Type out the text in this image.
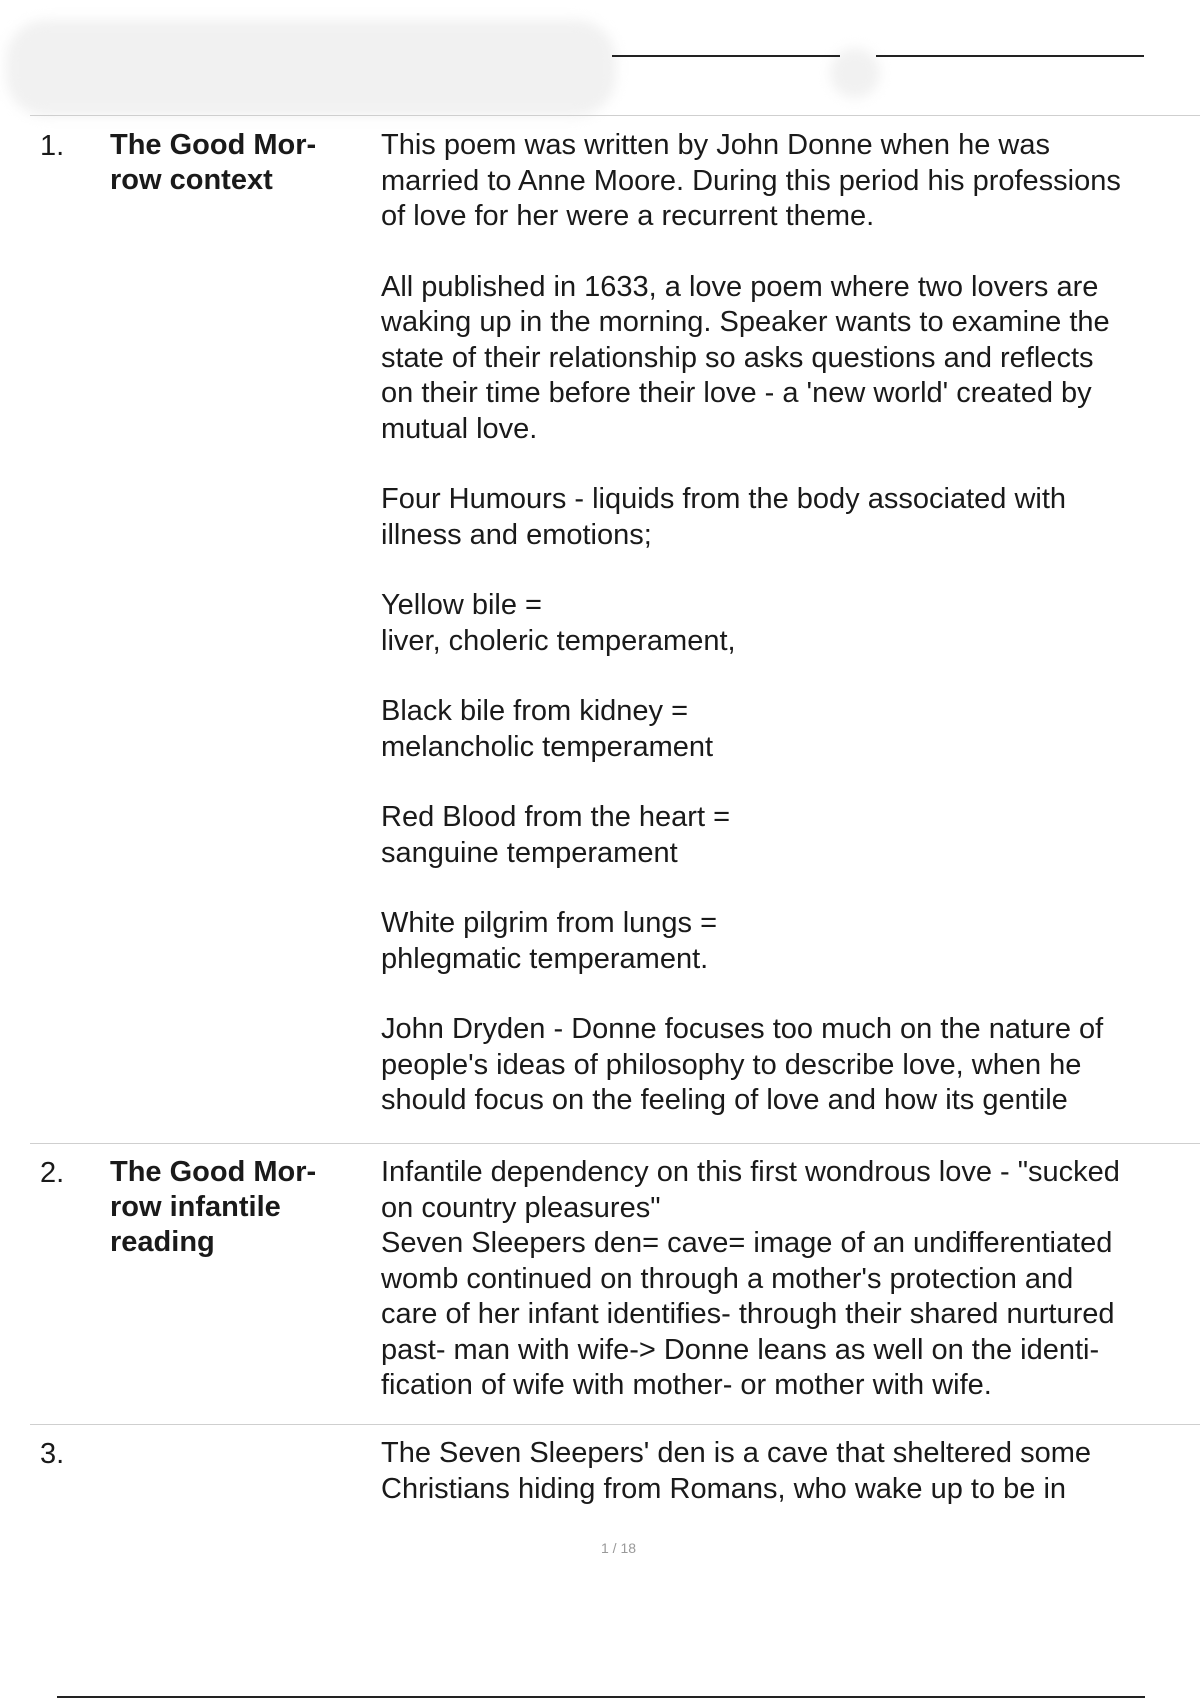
1. The Good Mor-
row context
This poem was written by John Donne when he was
married to Anne Moore. During this period his professions
of love for her were a recurrent theme.
All published in 1633, a love poem where two lovers are
waking up in the morning. Speaker wants to examine the
state of their relationship so asks questions and reflects
on their time before their love - a 'new world' created by
mutual love.
Four Humours - liquids from the body associated with
illness and emotions;
Yellow bile =
liver, choleric temperament,
Black bile from kidney =
melancholic temperament
Red Blood from the heart =
sanguine temperament
White pilgrim from lungs =
phlegmatic temperament.
John Dryden - Donne focuses too much on the nature of
people's ideas of philosophy to describe love, when he
should focus on the feeling of love and how its gentile
2. The Good Mor-
row infantile
reading
Infantile dependency on this first wondrous love - "sucked
on country pleasures"
Seven Sleepers den= cave= image of an undifferentiated
womb continued on through a mother's protection and
care of her infant identifies- through their shared nurtured
past- man with wife-> Donne leans as well on the identi-
fication of wife with mother- or mother with wife.
3.	The Seven Sleepers' den is a cave that sheltered some
Christians hiding from Romans, who wake up to be in
1 / 18
